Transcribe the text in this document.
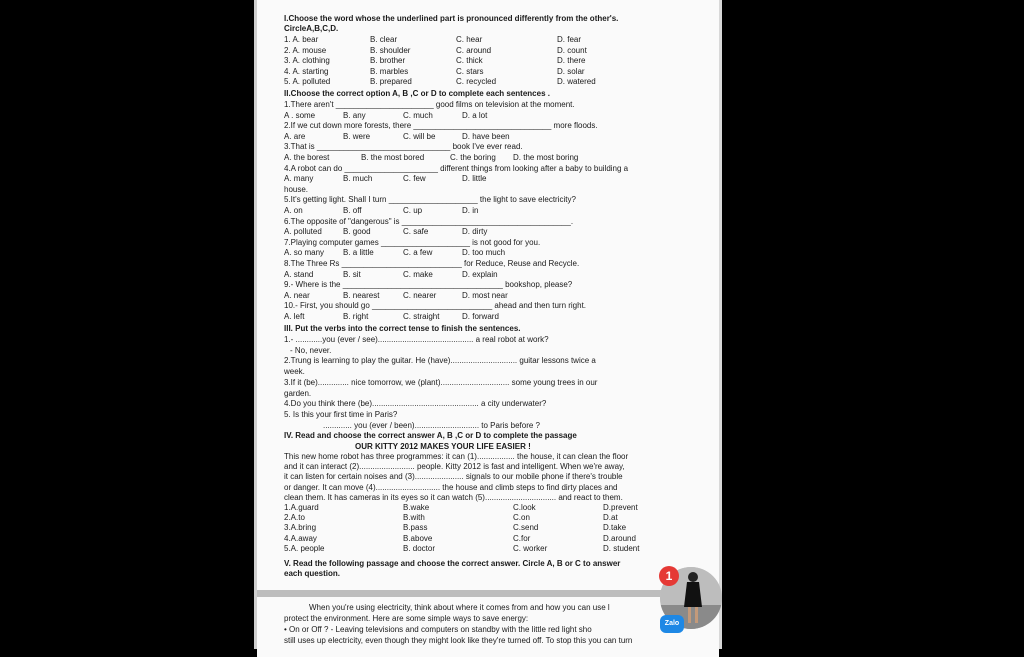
I.Choose the word whose the underlined part is pronounced differently from the other's.
CircleA,B,C,D.
1. A. bear	B. clear	C. hear	D. fear
2. A. mouse	B. shoulder	C. around	D. count
3. A. clothing	B. brother	C. thick	D. there
4. A. starting	B. marbles	C. stars	D. solar
5. A. polluted	B. prepared	C. recycled	D. watered
II.Choose the correct option A, B ,C or D to complete each sentences .
1.There aren't ______________________ good films on television at the moment.
A . some	B. any	C. much	D. a lot
2.If we cut down more forests, there _______________________________ more floods.
A. are	B. were	C. will be	D. have been
3.That is ______________________________ book I've ever read.
A. the borest	B. the most bored	C. the boring D. the most boring
4.A robot can do _____________________ different things from looking after a baby to building a
A. many	B. much	C. few	D. little
house.
5.It's getting light. Shall I turn ____________________ the light to save electricity?
A. on	B. off	C. up	D. in
6.The opposite of "dangerous" is ______________________________________.
A. polluted	B. good	C. safe	D. dirty
7.Playing computer games ____________________ is not good for you.
A. so many B. a little	C. a few	D. too much
8.The Three Rs ___________________________ for Reduce, Reuse and Recycle.
A. stand	B. sit	C. make	D. explain
9.- Where is the ____________________________________ bookshop, please?
A. near	B. nearest	C. nearer	D. most near
10.- First, you should go ___________________________ ahead and then turn right.
A. left	B. right	C. straight	D. forward
III. Put the verbs into the correct tense to finish the sentences.
1.- ............you (ever / see)........................................... a real robot at work?
- No, never.
2.Trung is learning to play the guitar. He (have).............................. guitar lessons twice a
week.
3.If it (be).............. nice tomorrow, we (plant)............................... some young trees in our
garden.
4.Do you think there (be)................................................ a city underwater?
5. Is this your first time in Paris?
............. you (ever / been)............................. to Paris before ?
IV. Read and choose the correct answer A, B ,C or D to complete the passage
OUR KITTY 2012 MAKES YOUR LIFE EASIER !
This new home robot has three programmes: it can (1)................. the house, it can clean the floor
and it can interact (2)......................... people. Kitty 2012 is fast and intelligent. When we're away,
it can listen for certain noises and (3)...................... signals to our mobile phone if there's trouble
or danger. It can move (4)............................. the house and climb steps to find dirty places and
clean them. It has cameras in its eyes so it can watch (5)................................ and react to them.
1.A.guard	B.wake	C.look	D.prevent
2.A.to	B.with	C.on	D.at
3.A.bring	B.pass	C.send	D.take
4.A.away	B.above	C.for	D.around
5.A. people	B. doctor	C. worker	D. student
V. Read the following passage and choose the correct answer. Circle A, B or C to answer
each question.
When you're using electricity, think about where it comes from and how you can use l
protect the environment. Here are some simple ways to save energy:
• On or Off ? - Leaving televisions and computers on standby with the little red light sho
still uses up electricity, even though they might look like they're turned off. To stop this you can turn
1
Zalo
